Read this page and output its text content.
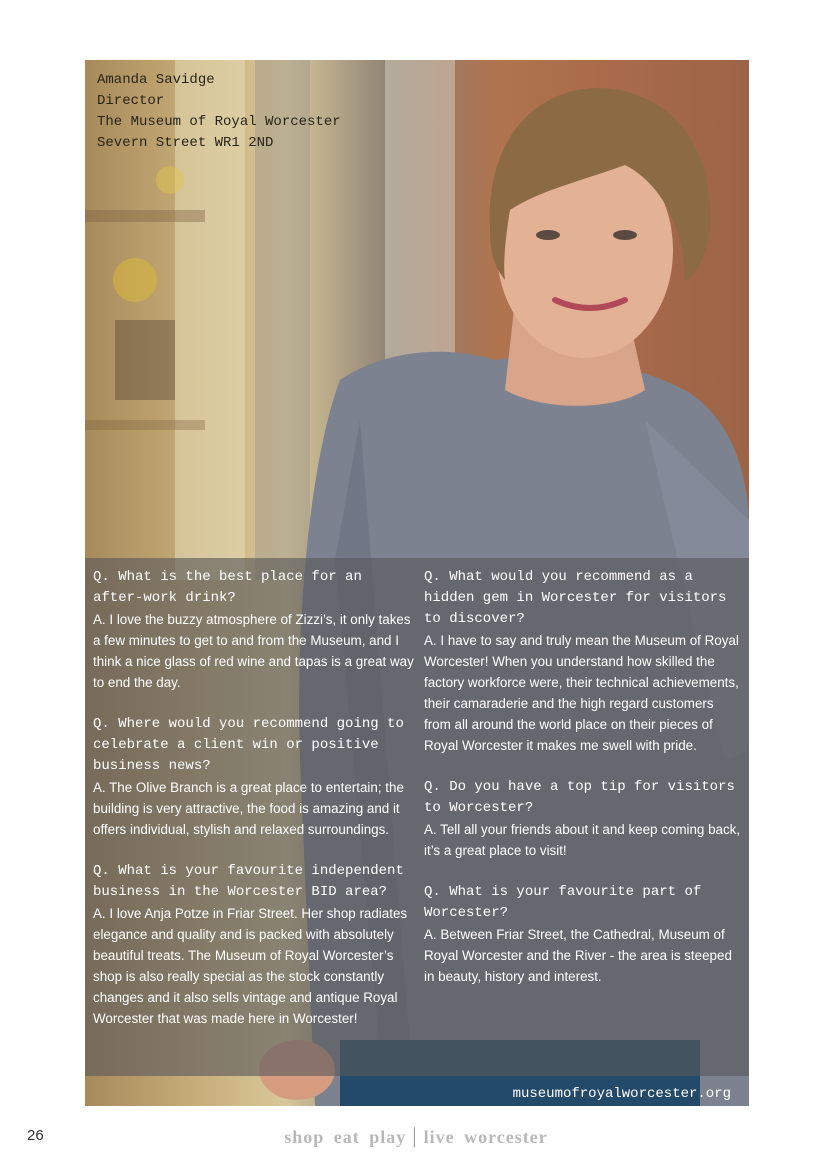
Amanda Savidge
Director
The Museum of Royal Worcester
Severn Street WR1 2ND

Q. What is the best place for an after-work drink?

A. I love the buzzy atmosphere of Zizzi’s, it only takes a few minutes to get to and from the Museum, and I think a nice glass of red wine and tapas is a great way to end the day.

Q. Where would you recommend going to celebrate a client win or positive business news?

A. The Olive Branch is a great place to entertain; the building is very attractive, the food is amazing and it offers individual, stylish and relaxed surroundings.

Q. What is your favourite independent business in the Worcester BID area?

A. I love Anja Potze in Friar Street. Her shop radiates elegance and quality and is packed with absolutely beautiful treats. The Museum of Royal Worcester’s shop is also really special as the stock constantly changes and it also sells vintage and antique Royal Worcester that was made here in Worcester!

Q. What would you recommend as a hidden gem in Worcester for visitors to discover?

A. I have to say and truly mean the Museum of Royal Worcester! When you understand how skilled the factory workforce were, their technical achievements, their camaraderie and the high regard customers from all around the world place on their pieces of Royal Worcester it makes me swell with pride.

Q. Do you have a top tip for visitors to Worcester?

A. Tell all your friends about it and keep coming back, it’s a great place to visit!

Q. What is your favourite part of Worcester?

A. Between Friar Street, the Cathedral, Museum of Royal Worcester and the River - the area is steeped in beauty, history and interest.

museumofroyalworcester.org
26	shop eat play | live worcester
